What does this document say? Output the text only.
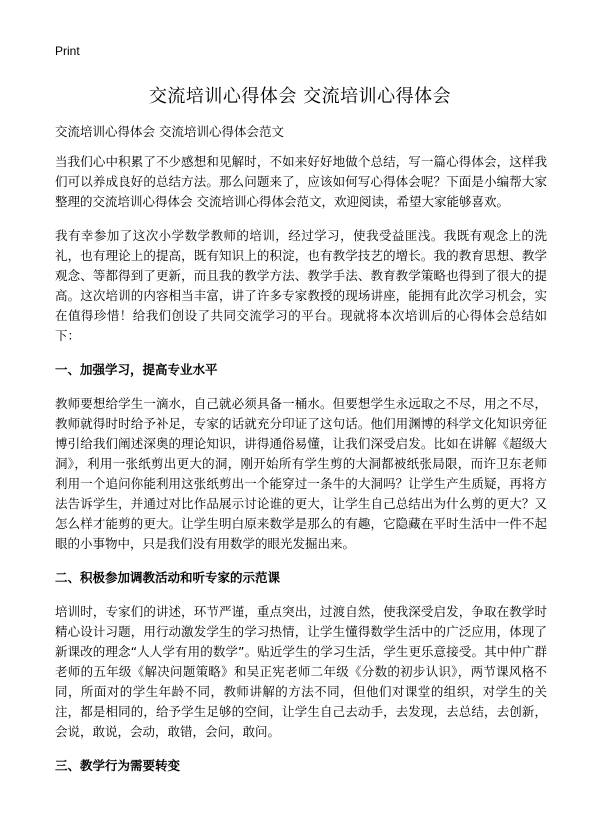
Print
交流培训心得体会 交流培训心得体会

交流培训心得体会 交流培训心得体会范文

当我们心中积累了不少感想和见解时，不如来好好地做个总结，写一篇心得体会，这样我们可以养成良好的总结方法。那么问题来了，应该如何写心得体会呢？下面是小编帮大家整理的交流培训心得体会 交流培训心得体会范文，欢迎阅读，希望大家能够喜欢。

我有幸参加了这次小学数学教师的培训，经过学习，使我受益匪浅。我既有观念上的洗礼，也有理论上的提高，既有知识上的积淀，也有教学技艺的增长。我的教育思想、教学观念、等都得到了更新，而且我的教学方法、教学手法、教育教学策略也得到了很大的提高。这次培训的内容相当丰富，讲了许多专家教授的现场讲座，能拥有此次学习机会，实在值得珍惜！给我们创设了共同交流学习的平台。现就将本次培训后的心得体会总结如下：

一、加强学习，提高专业水平

教师要想给学生一滴水，自己就必须具备一桶水。但要想学生永远取之不尽，用之不尽，教师就得时时给予补足，专家的话就充分印证了这句话。他们用渊博的科学文化知识旁征博引给我们阐述深奥的理论知识，讲得通俗易懂，让我们深受启发。比如在讲解《超级大洞》，利用一张纸剪出更大的洞，刚开始所有学生剪的大洞都被纸张局限，而许卫东老师利用一个追问你能利用这张纸剪出一个能穿过一条牛的大洞吗？让学生产生质疑，再将方法告诉学生，并通过对比作品展示讨论谁的更大，让学生自己总结出为什么剪的更大？又怎么样才能剪的更大。让学生明白原来数学是那么的有趣，它隐藏在平时生活中一件不起眼的小事物中，只是我们没有用数学的眼光发掘出来。

二、积极参加调教活动和听专家的示范课

培训时，专家们的讲述，环节严谨，重点突出，过渡自然，使我深受启发，争取在教学时精心设计习题，用行动激发学生的学习热情，让学生懂得数学生活中的广泛应用，体现了新课改的理念“人人学有用的数学”。贴近学生的学习生活，学生更乐意接受。其中仲广群老师的五年级《解决问题策略》和吴正宪老师二年级《分数的初步认识》，两节课风格不同，所面对的学生年龄不同，教师讲解的方法不同，但他们对课堂的组织，对学生的关注，都是相同的，给予学生足够的空间，让学生自己去动手，去发现，去总结，去创新，会说，敢说，会动，敢错，会问，敢问。

三、教学行为需要转变
